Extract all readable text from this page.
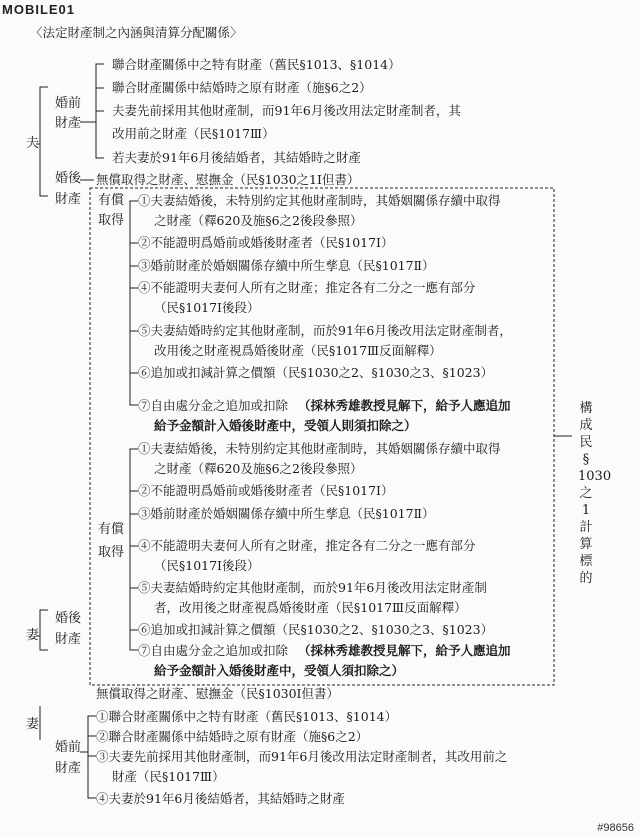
MOBILE01
〈法定財產制之內涵與清算分配關係〉
夫
婚前
財產
聯合財產關係中之特有財產（舊民§1013、§1014）
聯合財產關係中結婚時之原有財產（施§6之2）
夫妻先前採用其他財產制，而91年6月後改用法定財產制者，其
改用前之財產（民§1017Ⅲ）
若夫妻於91年6月後結婚者，其結婚時之財產
婚後
財產
無償取得之財產、慰撫金（民§1030之1Ⅰ但書）
有償
取得
①夫妻結婚後，未特別約定其他財產制時，其婚姻關係存續中取得
之財產（釋620及施§6之2後段參照）
②不能證明爲婚前或婚後財產者（民§1017Ⅰ）
③婚前財產於婚姻關係存續中所生孳息（民§1017Ⅱ）
④不能證明夫妻何人所有之財產；推定各有二分之一應有部分
（民§1017Ⅰ後段）
⑤夫妻結婚時約定其他財產制，而於91年6月後改用法定財產制者，
改用後之財產視爲婚後財產（民§1017Ⅲ反面解釋）
⑥追加或扣減計算之價額（民§1030之2、§1030之3、§1023）
⑦自由處分金之追加或扣除 （採林秀雄教授見解下，給予人應追加
給予金額計入婚後財產中，受領人則須扣除之）
構
成
民
§
1030
之
1
計
算
標
的
①夫妻結婚後，未特別約定其他財產制時，其婚姻關係存續中取得
之財產（釋620及施§6之2後段參照）
②不能證明爲婚前或婚後財產者（民§1017Ⅰ）
③婚前財產於婚姻關係存續中所生孳息（民§1017Ⅱ）
有償
取得 ④不能證明夫妻何人所有之財產，推定各有二分之一應有部分
（民§1017Ⅰ後段）
⑤夫妻結婚時約定其他財產制，而於91年6月後改用法定財產制
者，改用後之財產視爲婚後財產（民§1017Ⅲ反面解釋）
⑥追加或扣減計算之價額（民§1030之2、§1030之3、§1023）
⑦自由處分金之追加或扣除 （採林秀雄教授見解下，給予人應追加
給予金額計入婚後財產中，受領人須扣除之）
婚後
財產
妻
無償取得之財產、慰撫金（民§1030Ⅰ但書）
妻
婚前
財產
①聯合財產關係中之特有財產（舊民§1013、§1014）
②聯合財產關係中結婚時之原有財產（施§6之2）
③夫妻先前採用其他財產制，而91年6月後改用法定財產制者，其改用前之
財產（民§1017Ⅲ）
④夫妻於91年6月後結婚者，其結婚時之財產
#98656
